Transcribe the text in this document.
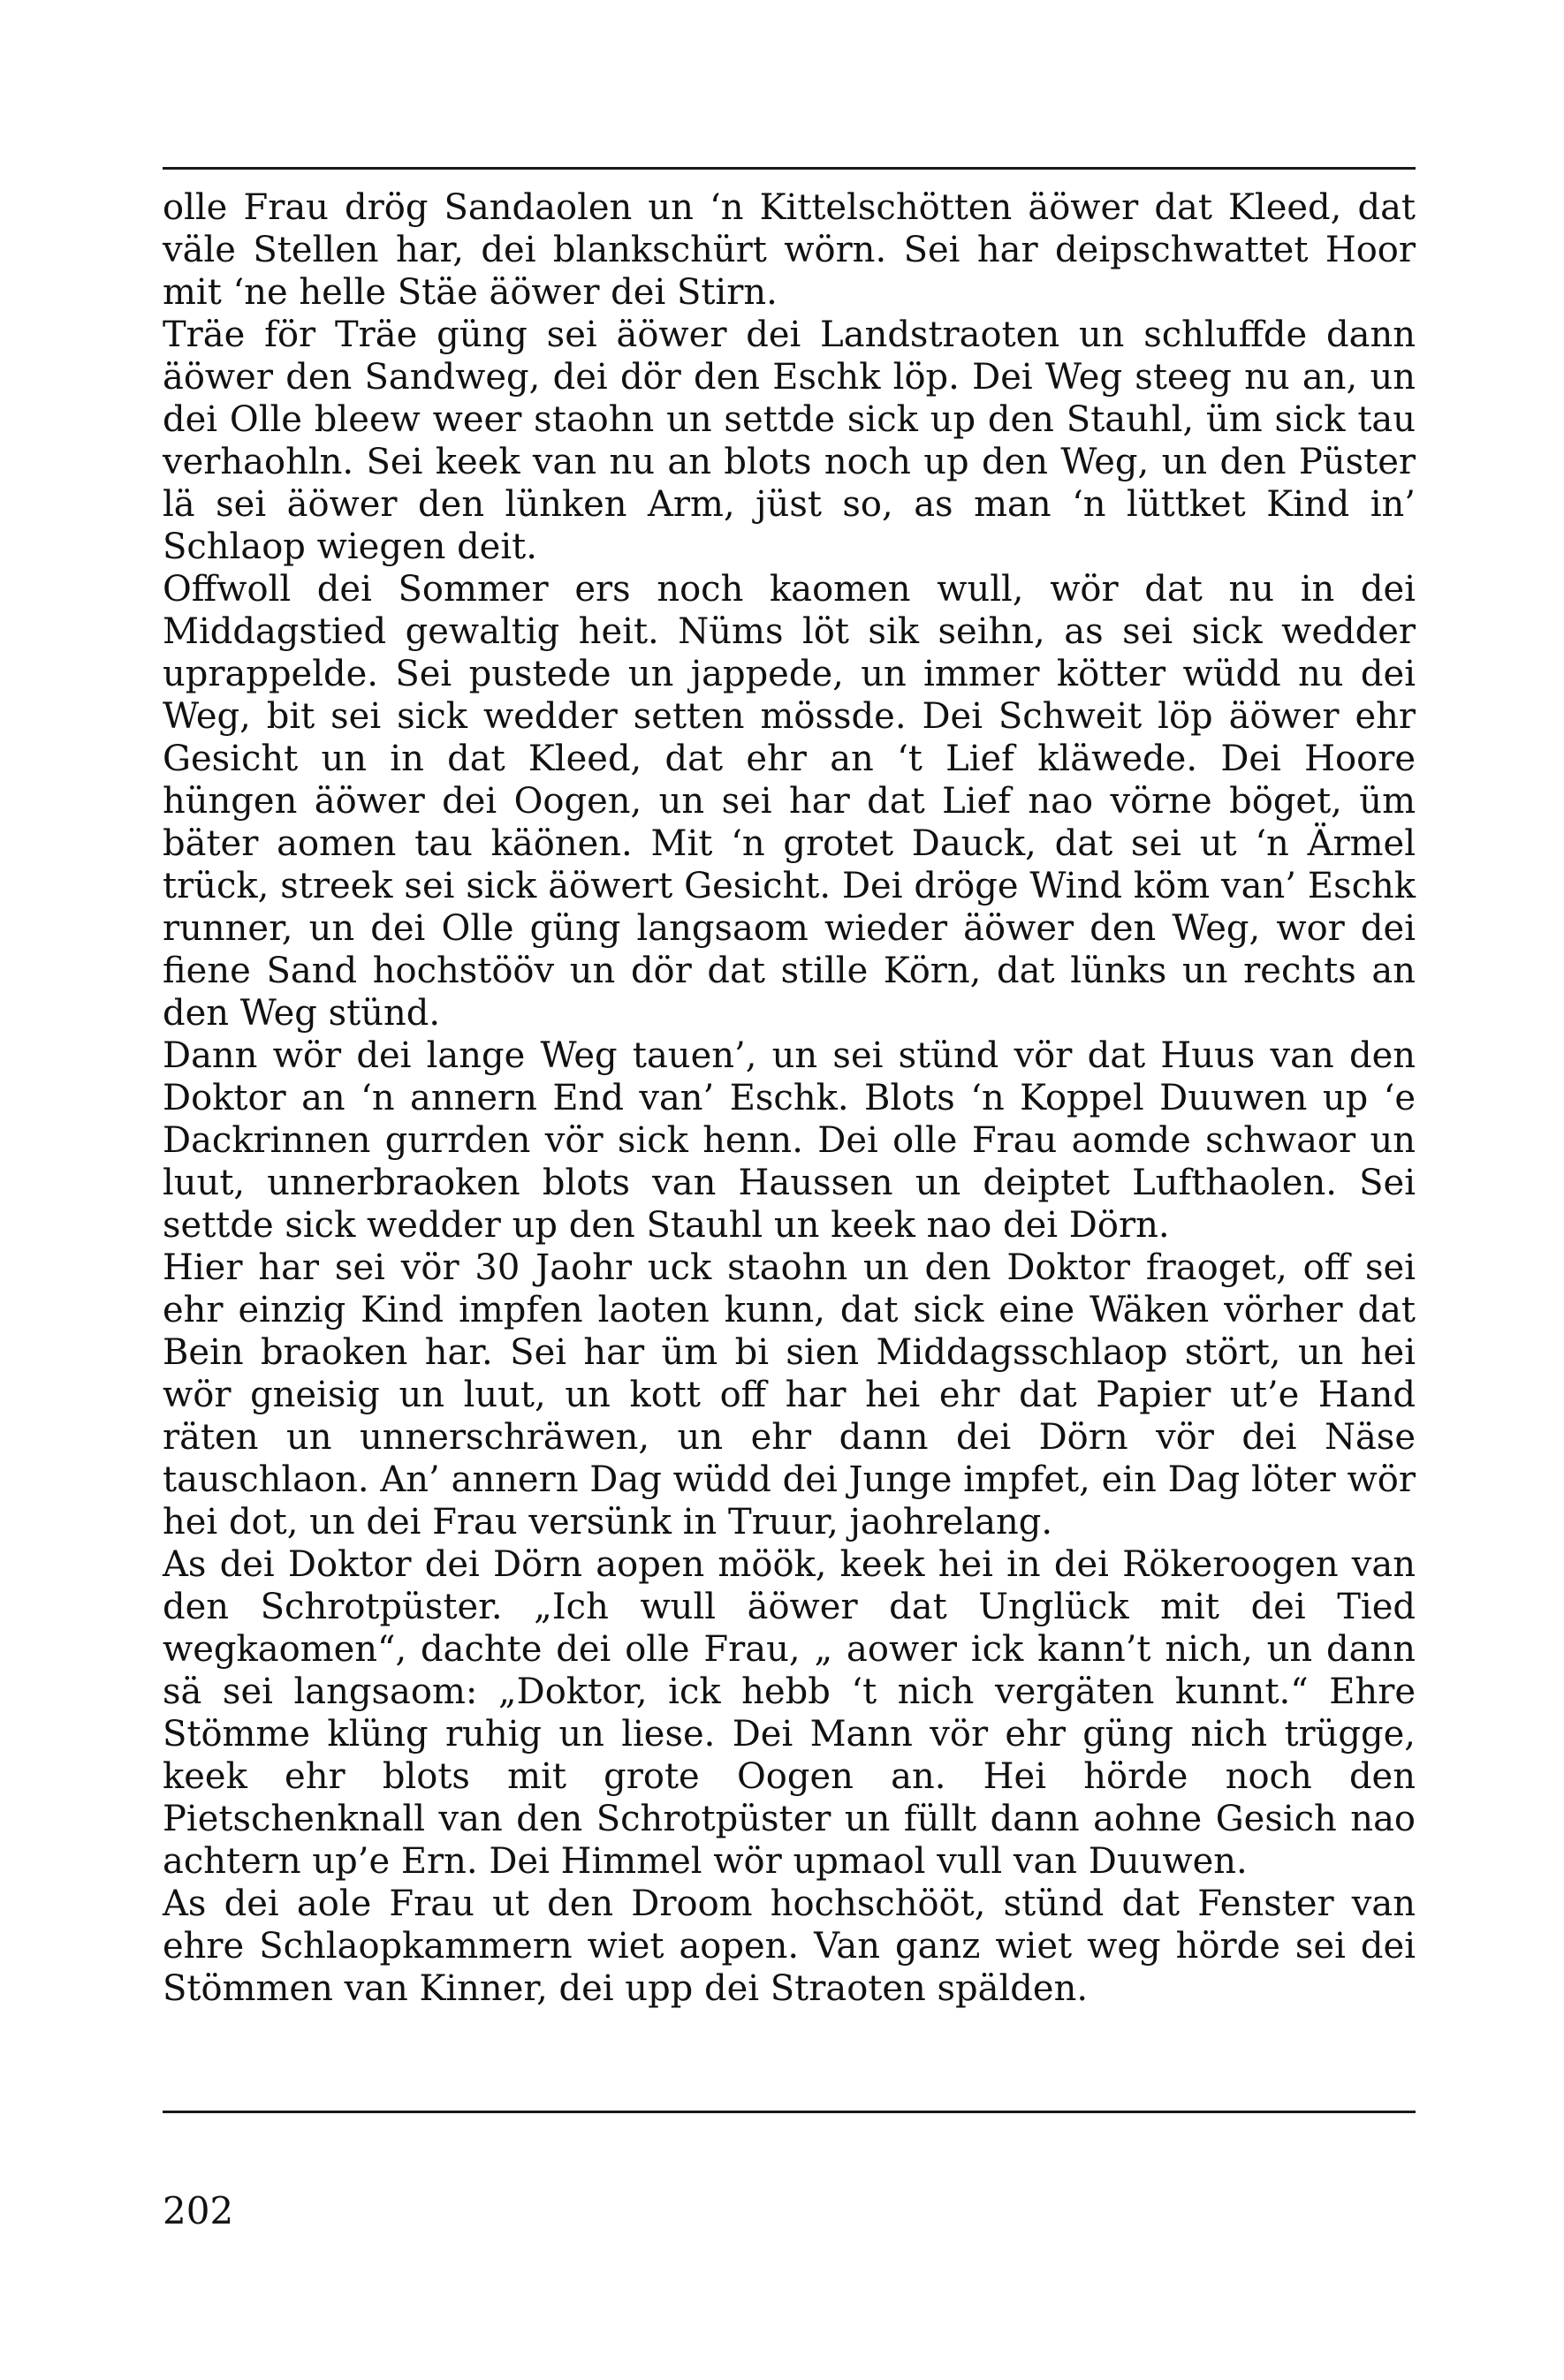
olle Frau drög Sandaolen un ‘n Kittelschötten äöwer dat Kleed, dat väle Stellen har, dei blankschürt wörn. Sei har deipschwattet Hoor mit ‘ne helle Stäe äöwer dei Stirn.

Träe för Träe güng sei äöwer dei Landstraoten un schluffde dann äöwer den Sandweg, dei dör den Eschk löp. Dei Weg steeg nu an, un dei Olle bleew weer staohn un settde sick up den Stauhl, üm sick tau verhaohln. Sei keek van nu an blots noch up den Weg, un den Püster lä sei äöwer den lünken Arm, jüst so, as man ‘n lüttket Kind in’ Schlaop wiegen deit.

Offwoll dei Sommer ers noch kaomen wull, wör dat nu in dei Middagstied gewaltig heit. Nüms löt sik seihn, as sei sick wedder uprappelde. Sei pustede un jappede, un immer kötter wüdd nu dei Weg, bit sei sick wedder setten mössde. Dei Schweit löp äöwer ehr Gesicht un in dat Kleed, dat ehr an ‘t Lief kläwede. Dei Hoore hüngen äöwer dei Oogen, un sei har dat Lief nao vörne böget, üm bäter aomen tau käönen. Mit ‘n grotet Dauck, dat sei ut ‘n Ärmel trück, streek sei sick äöwert Gesicht. Dei dröge Wind köm van’ Eschk runner, un dei Olle güng langsaom wieder äöwer den Weg, wor dei fiene Sand hochstööv un dör dat stille Körn, dat lünks un rechts an den Weg stünd.

Dann wör dei lange Weg tauen’, un sei stünd vör dat Huus van den Doktor an ‘n annern End van’ Eschk. Blots ‘n Koppel Duuwen up ‘e Dackrinnen gurrden vör sick henn. Dei olle Frau aomde schwaor un luut, unnerbraoken blots van Haussen un deiptet Lufthaolen. Sei settde sick wedder up den Stauhl un keek nao dei Dörn.

Hier har sei vör 30 Jaohr uck staohn un den Doktor fraoget, off sei ehr einzig Kind impfen laoten kunn, dat sick eine Wäken vörher dat Bein braoken har. Sei har üm bi sien Middagsschlaop stört, un hei wör gneisig un luut, un kott off har hei ehr dat Papier ut’e Hand räten un unnerschräwen, un ehr dann dei Dörn vör dei Näse tauschlaon. An’ annern Dag wüdd dei Junge impfet, ein Dag löter wör hei dot, un dei Frau versünk in Truur, jaohrelang.

As dei Doktor dei Dörn aopen möök, keek hei in dei Rökeroogen van den Schrotpüster. „Ich wull äöwer dat Unglück mit dei Tied wegkaomen“, dachte dei olle Frau, „ aower ick kann’t nich, un dann sä sei langsaom: „Doktor, ick hebb ‘t nich vergäten kunnt.“ Ehre Stömme klüng ruhig un liese. Dei Mann vör ehr güng nich trügge, keek ehr blots mit grote Oogen an. Hei hörde noch den Pietschenknall van den Schrotpüster un füllt dann aohne Gesich nao achtern up’e Ern. Dei Himmel wör upmaol vull van Duuwen.

As dei aole Frau ut den Droom hochschööt, stünd dat Fenster van ehre Schlaopkammern wiet aopen. Van ganz wiet weg hörde sei dei Stömmen van Kinner, dei upp dei Straoten spälden.

202
